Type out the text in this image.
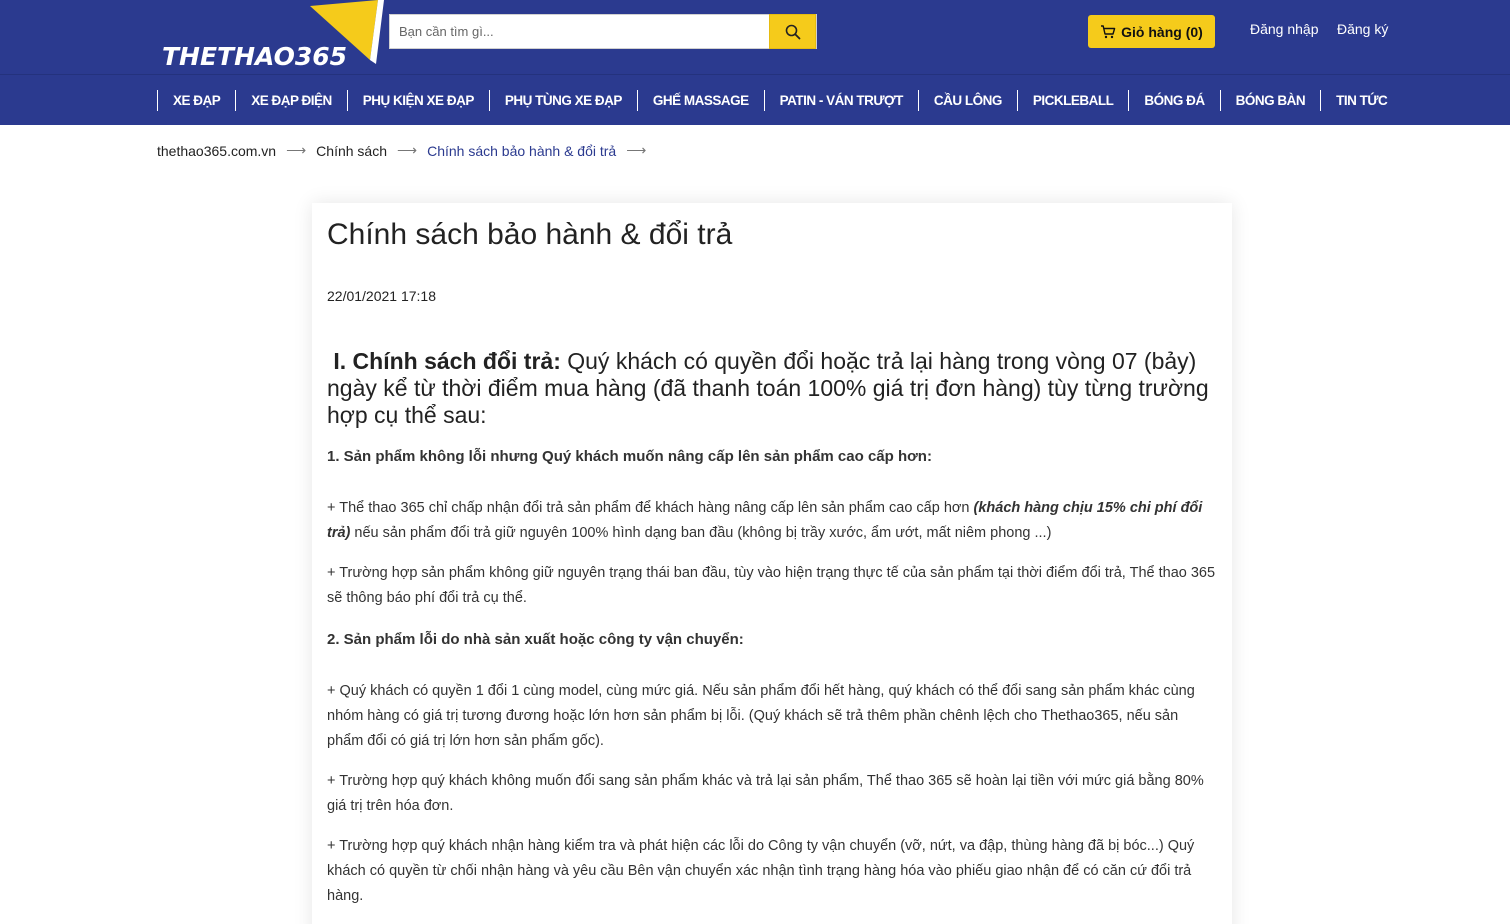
THETHAO365
Bạn cần tìm gì...
Giỏ hàng (0)	Đăng nhập Đăng ký
XE ĐẠP	XE ĐẠP ĐIỆN	PHỤ KIỆN XE ĐẠP	PHỤ TÙNG XE ĐẠP	GHẾ MASSAGE	PATIN - VÁN TRƯỢT	CẦU LÔNG	PICKLEBALL	BÓNG ĐÁ	BÓNG BÀN	TIN TỨC
thethao365.com.vn ⟶ Chính sách ⟶ Chính sách bảo hành & đổi trả ⟶
Chính sách bảo hành & đổi trả
22/01/2021 17:18
I. Chính sách đổi trả: Quý khách có quyền đổi hoặc trả lại hàng trong vòng 07 (bảy) ngày kể từ thời điểm mua hàng (đã thanh toán 100% giá trị đơn hàng) tùy từng trường hợp cụ thể sau:
1. Sản phẩm không lỗi nhưng Quý khách muốn nâng cấp lên sản phẩm cao cấp hơn:
+ Thể thao 365 chỉ chấp nhận đổi trả sản phẩm để khách hàng nâng cấp lên sản phẩm cao cấp hơn (khách hàng chịu 15% chi phí đổi trả) nếu sản phẩm đổi trả giữ nguyên 100% hình dạng ban đầu (không bị trầy xước, ẩm ướt, mất niêm phong ...)
+ Trường hợp sản phẩm không giữ nguyên trạng thái ban đầu, tùy vào hiện trạng thực tế của sản phẩm tại thời điểm đổi trả, Thể thao 365 sẽ thông báo phí đổi trả cụ thể.
2. Sản phẩm lỗi do nhà sản xuất hoặc công ty vận chuyển:
+ Quý khách có quyền 1 đổi 1 cùng model, cùng mức giá. Nếu sản phẩm đổi hết hàng, quý khách có thể đổi sang sản phẩm khác cùng nhóm hàng có giá trị tương đương hoặc lớn hơn sản phẩm bị lỗi. (Quý khách sẽ trả thêm phần chênh lệch cho Thethao365, nếu sản phẩm đổi có giá trị lớn hơn sản phẩm gốc).
+ Trường hợp quý khách không muốn đổi sang sản phẩm khác và trả lại sản phẩm, Thể thao 365 sẽ hoàn lại tiền với mức giá bằng 80% giá trị trên hóa đơn.
+ Trường hợp quý khách nhận hàng kiểm tra và phát hiện các lỗi do Công ty vận chuyển (vỡ, nứt, va đập, thùng hàng đã bị bóc...) Quý khách có quyền từ chối nhận hàng và yêu cầu Bên vận chuyển xác nhận tình trạng hàng hóa vào phiếu giao nhận để có căn cứ đổi trả hàng.
